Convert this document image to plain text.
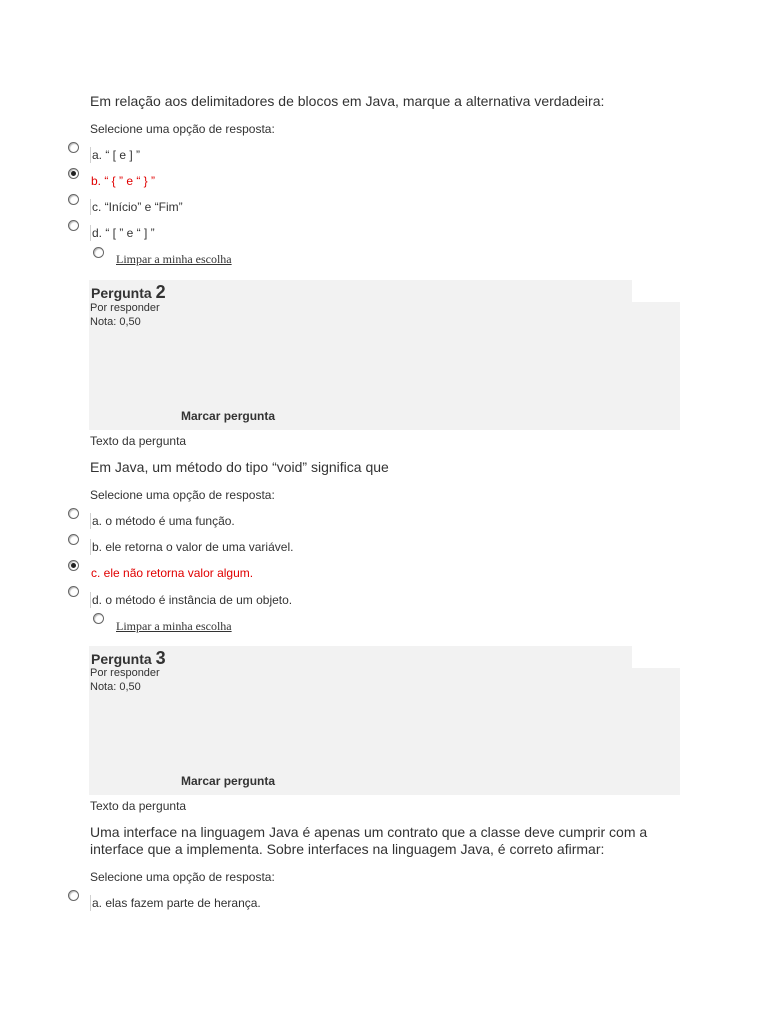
Em relação aos delimitadores de blocos em Java, marque a alternativa verdadeira:
Selecione uma opção de resposta:
a. “ [ e ] ”
b. “ { ” e “ } ”
c. “Início” e “Fim”
d. “ [ ” e “ ] ”
Limpar a minha escolha
Pergunta 2
Por responder
Nota: 0,50
Marcar pergunta
Texto da pergunta
Em Java, um método do tipo “void” significa que
Selecione uma opção de resposta:
a. o método é uma função.
b. ele retorna o valor de uma variável.
c. ele não retorna valor algum.
d. o método é instância de um objeto.
Limpar a minha escolha
Pergunta 3
Por responder
Nota: 0,50
Marcar pergunta
Texto da pergunta
Uma interface na linguagem Java é apenas um contrato que a classe deve cumprir com a
interface que a implementa. Sobre interfaces na linguagem Java, é correto afirmar:
Selecione uma opção de resposta:
a. elas fazem parte de herança.
